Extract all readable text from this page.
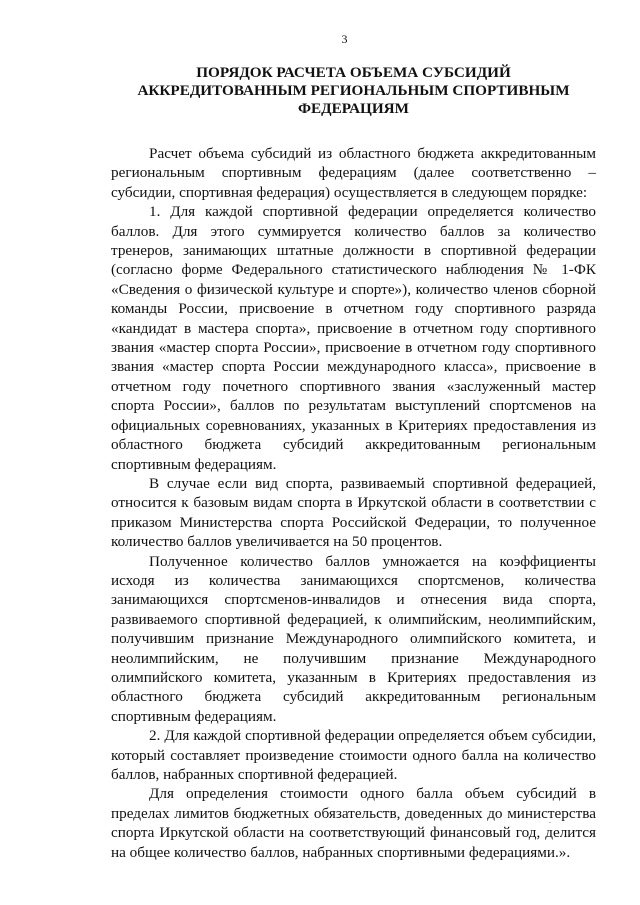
3
ПОРЯДОК РАСЧЕТА ОБЪЕМА СУБСИДИЙ
АККРЕДИТОВАННЫМ РЕГИОНАЛЬНЫМ СПОРТИВНЫМ
ФЕДЕРАЦИЯМ

Расчет объема субсидий из областного бюджета аккредитованным региональным спортивным федерациям (далее соответственно – субсидии, спортивная федерация) осуществляется в следующем порядке:

1. Для каждой спортивной федерации определяется количество баллов. Для этого суммируется количество баллов за количество тренеров, занимающих штатные должности в спортивной федерации (согласно форме Федерального статистического наблюдения № 1-ФК «Сведения о физической культуре и спорте»), количество членов сборной команды России, присвоение в отчетном году спортивного разряда «кандидат в мастера спорта», присвоение в отчетном году спортивного звания «мастер спорта России», присвоение в отчетном году спортивного звания «мастер спорта России международного класса», присвоение в отчетном году почетного спортивного звания «заслуженный мастер спорта России», баллов по результатам выступлений спортсменов на официальных соревнованиях, указанных в Критериях предоставления из областного бюджета субсидий аккредитованным региональным спортивным федерациям.

В случае если вид спорта, развиваемый спортивной федерацией, относится к базовым видам спорта в Иркутской области в соответствии с приказом Министерства спорта Российской Федерации, то полученное количество баллов увеличивается на 50 процентов.

Полученное количество баллов умножается на коэффициенты исходя из количества занимающихся спортсменов, количества занимающихся спортсменов-инвалидов и отнесения вида спорта, развиваемого спортивной федерацией, к олимпийским, неолимпийским, получившим признание Международного олимпийского комитета, и неолимпийским, не получившим признание Международного олимпийского комитета, указанным в Критериях предоставления из областного бюджета субсидий аккредитованным региональным спортивным федерациям.

2. Для каждой спортивной федерации определяется объем субсидии, который составляет произведение стоимости одного балла на количество баллов, набранных спортивной федерацией.

Для определения стоимости одного балла объем субсидий в пределах лимитов бюджетных обязательств, доведенных до министерства спорта Иркутской области на соответствующий финансовый год, делится на общее количество баллов, набранных спортивными федерациями.».
